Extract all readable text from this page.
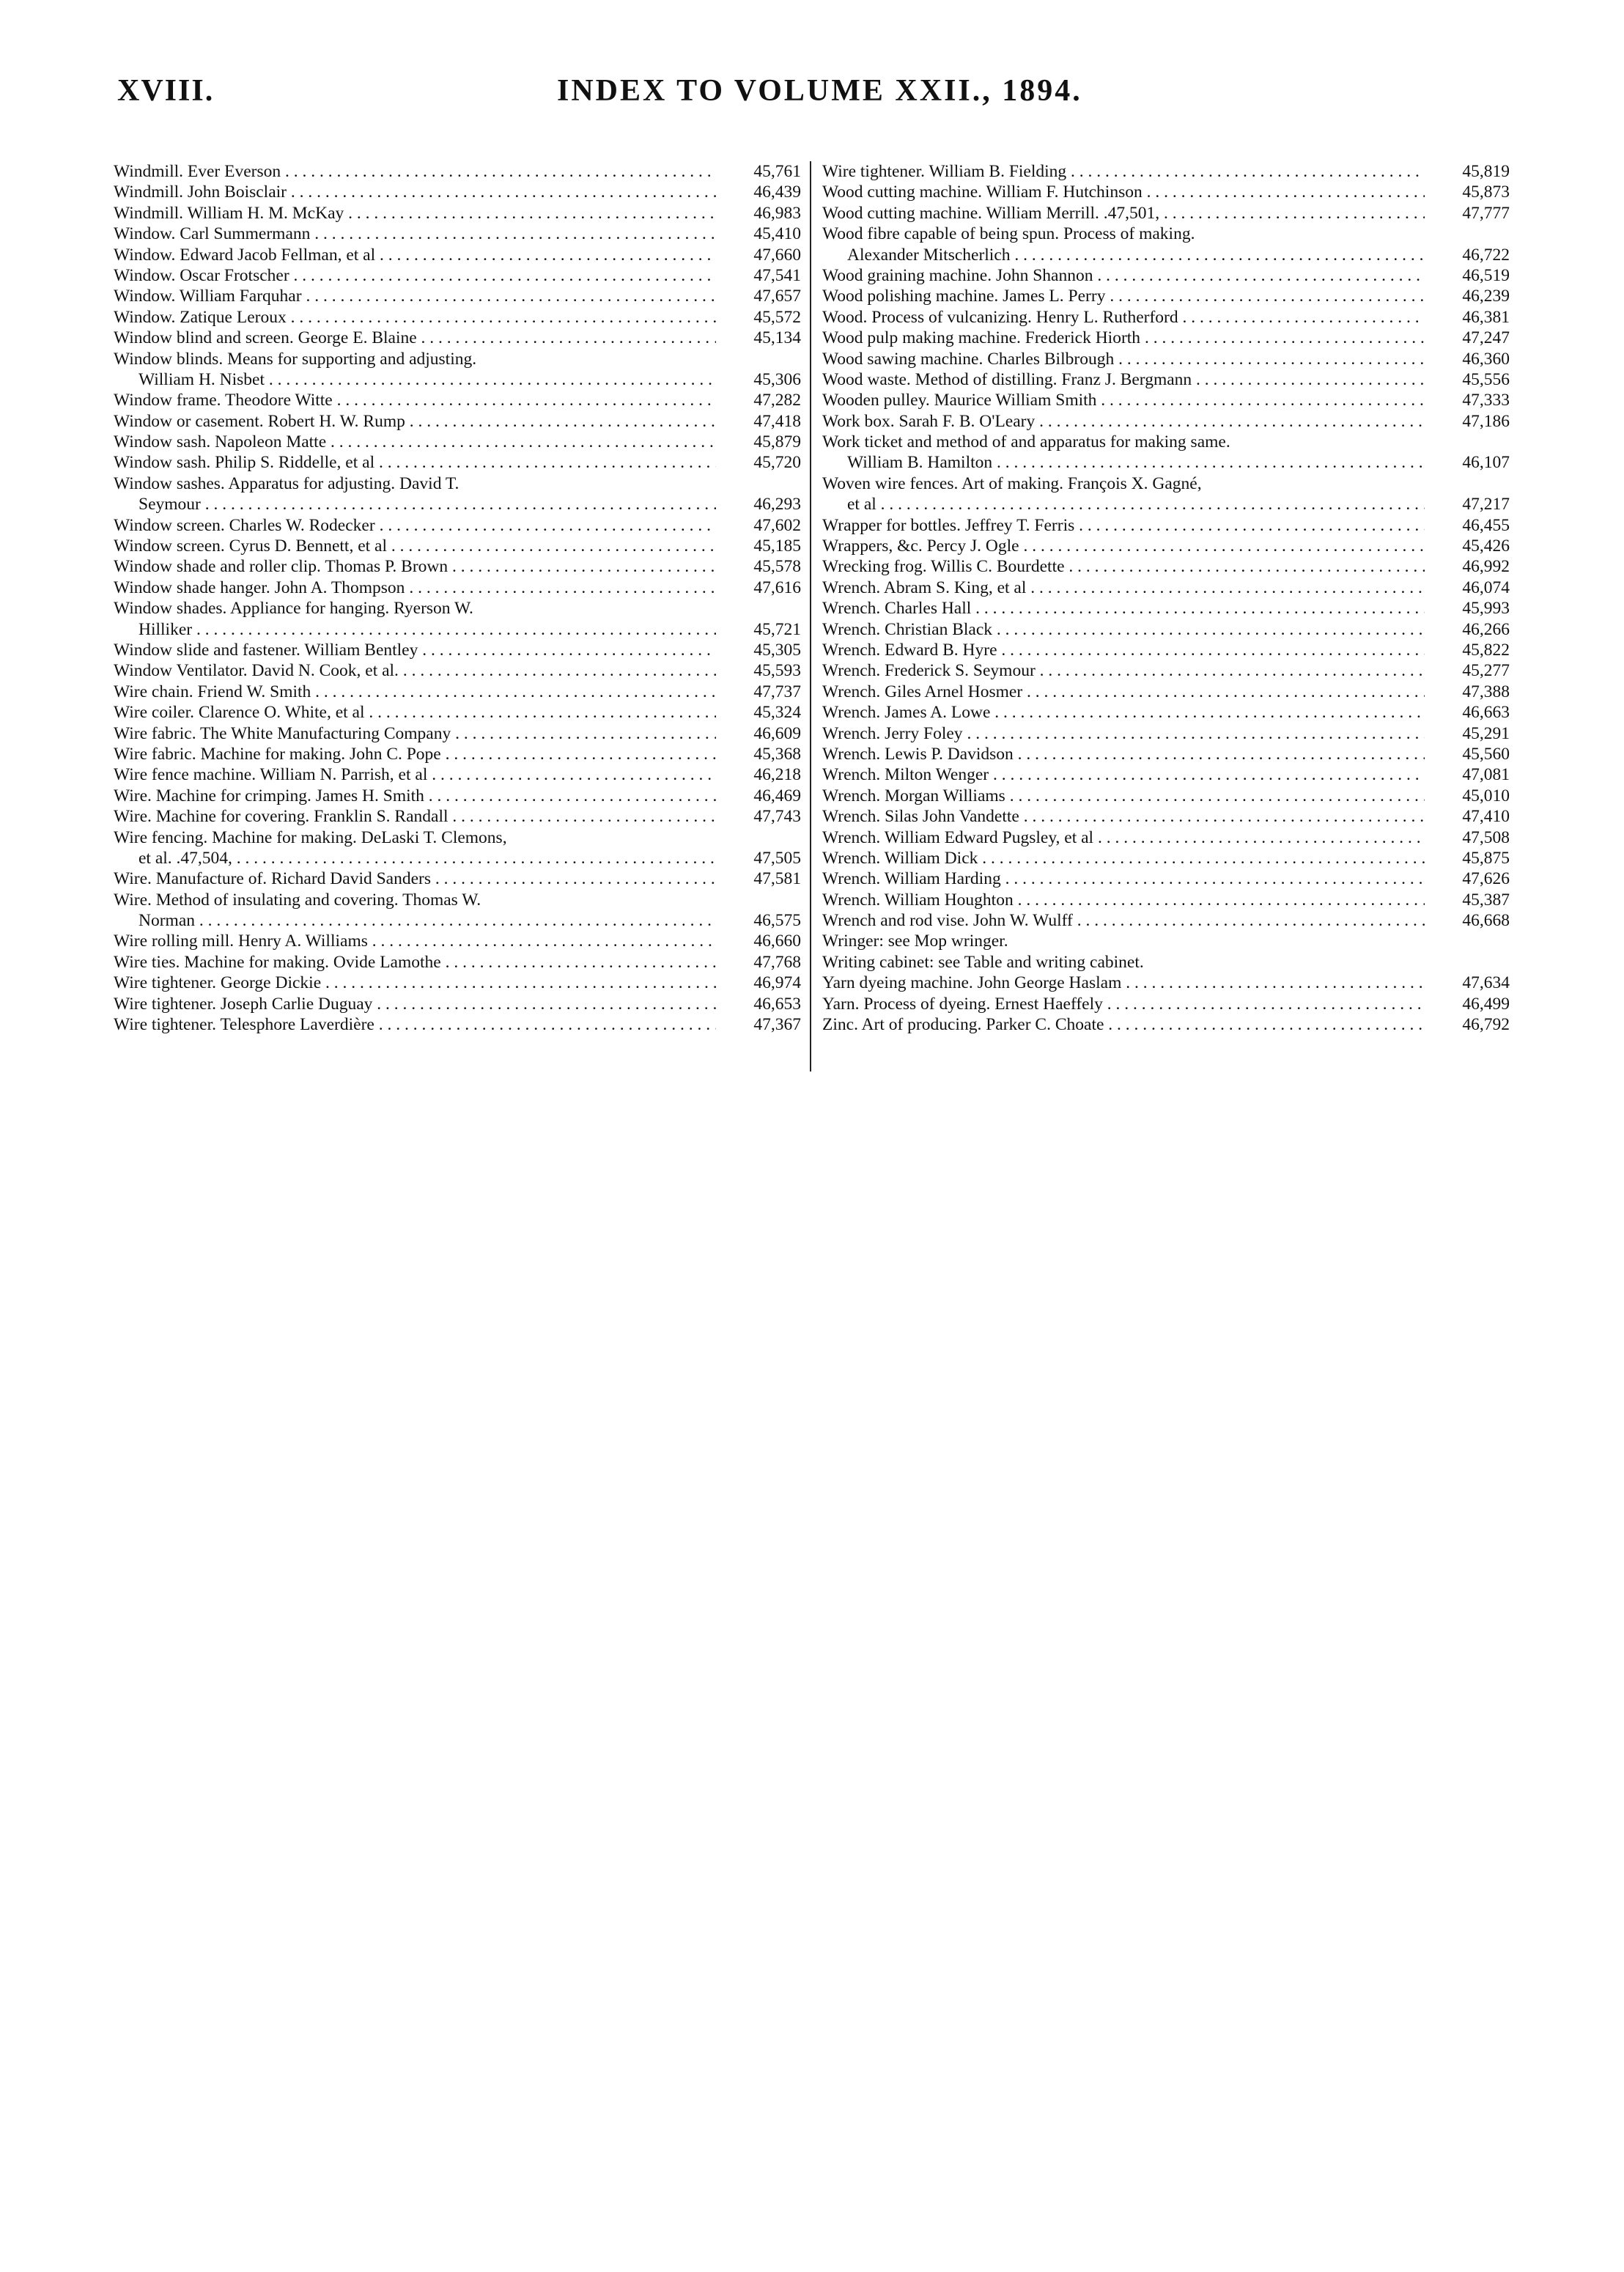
XVIII.	INDEX TO VOLUME XXII., 1894.
Windmill. Ever Everson . . .	45,761
Windmill. John Boisclair . . .	46,439
Windmill. William H. M. McKay . . .	46,983
Window. Carl Summermann . . .	45,410
Window. Edward Jacob Fellman, et al . . .	47,660
Window. Oscar Frotscher . . .	47,541
Window. William Farquhar . . .	47,657
Window. Zatique Leroux . . .	45,572
Window blind and screen. George E. Blaine . . .	45,134
Window blinds. Means for supporting and adjusting.
William H. Nisbet . . .	45,306
Window frame. Theodore Witte . . .	47,282
Window or casement. Robert H. W. Rump . . .	47,418
Window sash. Napoleon Matte . . .	45,879
Window sash. Philip S. Riddelle, et al . . .	45,720
Window sashes. Apparatus for adjusting. David T.
Seymour . . .	46,293
Window screen. Charles W. Rodecker . . .	47,602
Window screen. Cyrus D. Bennett, et al . . .	45,185
Window shade and roller clip. Thomas P. Brown . . .	45,578
Window shade hanger. John A. Thompson . . .	47,616
Window shades. Appliance for hanging. Ryerson W.
Hilliker . . .	45,721
Window slide and fastener. William Bentley . . .	45,305
Window Ventilator. David N. Cook, et al. . . .	45,593
Wire chain. Friend W. Smith . . .	47,737
Wire coiler. Clarence O. White, et al . . .	45,324
Wire fabric. The White Manufacturing Company . . .	46,609
Wire fabric. Machine for making. John C. Pope . . .	45,368
Wire fence machine. William N. Parrish, et al . . .	46,218
Wire. Machine for crimping. James H. Smith . . .	46,469
Wire. Machine for covering. Franklin S. Randall . . .	47,743
Wire fencing. Machine for making. DeLaski T. Clemons,
et al. .47,504, . . .	47,505
Wire. Manufacture of. Richard David Sanders . . .	47,581
Wire. Method of insulating and covering. Thomas W.
Norman . . .	46,575
Wire rolling mill. Henry A. Williams . . .	46,660
Wire ties. Machine for making. Ovide Lamothe . . .	47,768
Wire tightener. George Dickie . . .	46,974
Wire tightener. Joseph Carlie Duguay . . .	46,653
Wire tightener. Telesphore Laverdière . . .	47,367
Wire tightener. William B. Fielding . . .	45,819
Wood cutting machine. William F. Hutchinson . . .	45,873
Wood cutting machine. William Merrill. .47,501, . . .	47,777
Wood fibre capable of being spun. Process of making.
Alexander Mitscherlich . . .	46,722
Wood graining machine. John Shannon . . .	46,519
Wood polishing machine. James L. Perry . . .	46,239
Wood. Process of vulcanizing. Henry L. Rutherford . . .	46,381
Wood pulp making machine. Frederick Hiorth . . .	47,247
Wood sawing machine. Charles Bilbrough . . .	46,360
Wood waste. Method of distilling. Franz J. Bergmann . . .	45,556
Wooden pulley. Maurice William Smith . . .	47,333
Work box. Sarah F. B. O'Leary . . .	47,186
Work ticket and method of and apparatus for making same.
William B. Hamilton . . .	46,107
Woven wire fences. Art of making. François X. Gagné,
et al . . .	47,217
Wrapper for bottles. Jeffrey T. Ferris . . .	46,455
Wrappers, &c. Percy J. Ogle . . .	45,426
Wrecking frog. Willis C. Bourdette . . .	46,992
Wrench. Abram S. King, et al . . .	46,074
Wrench. Charles Hall . . .	45,993
Wrench. Christian Black . . .	46,266
Wrench. Edward B. Hyre . . .	45,822
Wrench. Frederick S. Seymour . . .	45,277
Wrench. Giles Arnel Hosmer . . .	47,388
Wrench. James A. Lowe . . .	46,663
Wrench. Jerry Foley . . .	45,291
Wrench. Lewis P. Davidson . . .	45,560
Wrench. Milton Wenger . . .	47,081
Wrench. Morgan Williams . . .	45,010
Wrench. Silas John Vandette . . .	47,410
Wrench. William Edward Pugsley, et al . . .	47,508
Wrench. William Dick . . .	45,875
Wrench. William Harding . . .	47,626
Wrench. William Houghton . . .	45,387
Wrench and rod vise. John W. Wulff . . .	46,668
Wringer: see Mop wringer.
Writing cabinet: see Table and writing cabinet.
Yarn dyeing machine. John George Haslam . . .	47,634
Yarn. Process of dyeing. Ernest Haeffely . . .	46,499
Zinc. Art of producing. Parker C. Choate . . .	46,792
